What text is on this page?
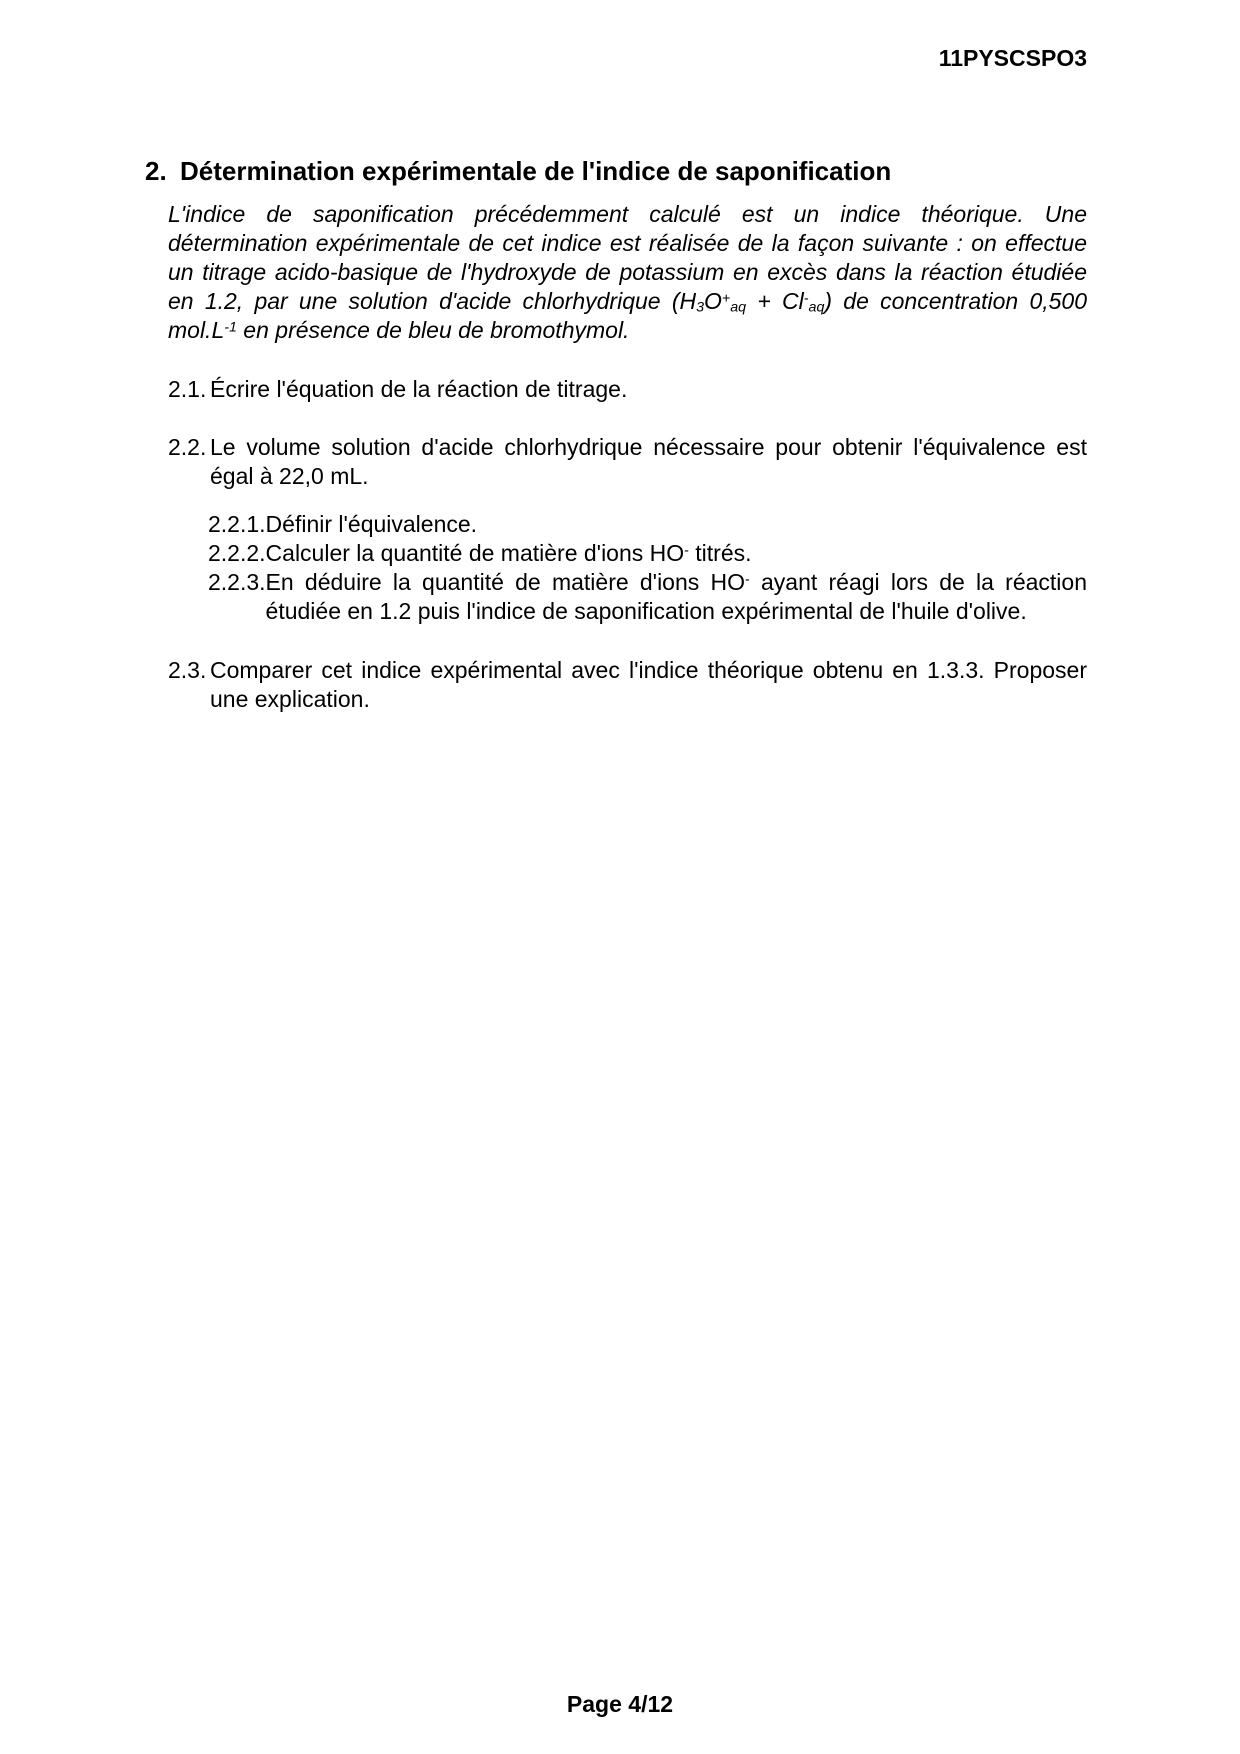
11PYSCSPO3
2. Détermination expérimentale de l'indice de saponification

L'indice de saponification précédemment calculé est un indice théorique. Une détermination expérimentale de cet indice est réalisée de la façon suivante : on effectue un titrage acido-basique de l'hydroxyde de potassium en excès dans la réaction étudiée en 1.2, par une solution d'acide chlorhydrique $(H_3O^+_{aq} + Cl^-_{aq})$ de concentration 0,500 $mol.L^{-1}$ en présence de bleu de bromothymol.

2.1. Écrire l'équation de la réaction de titrage.
2.2. Le volume solution d'acide chlorhydrique nécessaire pour obtenir l'équivalence est égal à 22,0 mL.
2.2.1. Définir l'équivalence.
2.2.2. Calculer la quantité de matière d'ions HO- titrés.
2.2.3. En déduire la quantité de matière d'ions HO- ayant réagi lors de la réaction étudiée en 1.2 puis l'indice de saponification expérimental de l'huile d'olive.
2.3. Comparer cet indice expérimental avec l'indice théorique obtenu en 1.3.3. Proposer une explication.
Page 4/12
